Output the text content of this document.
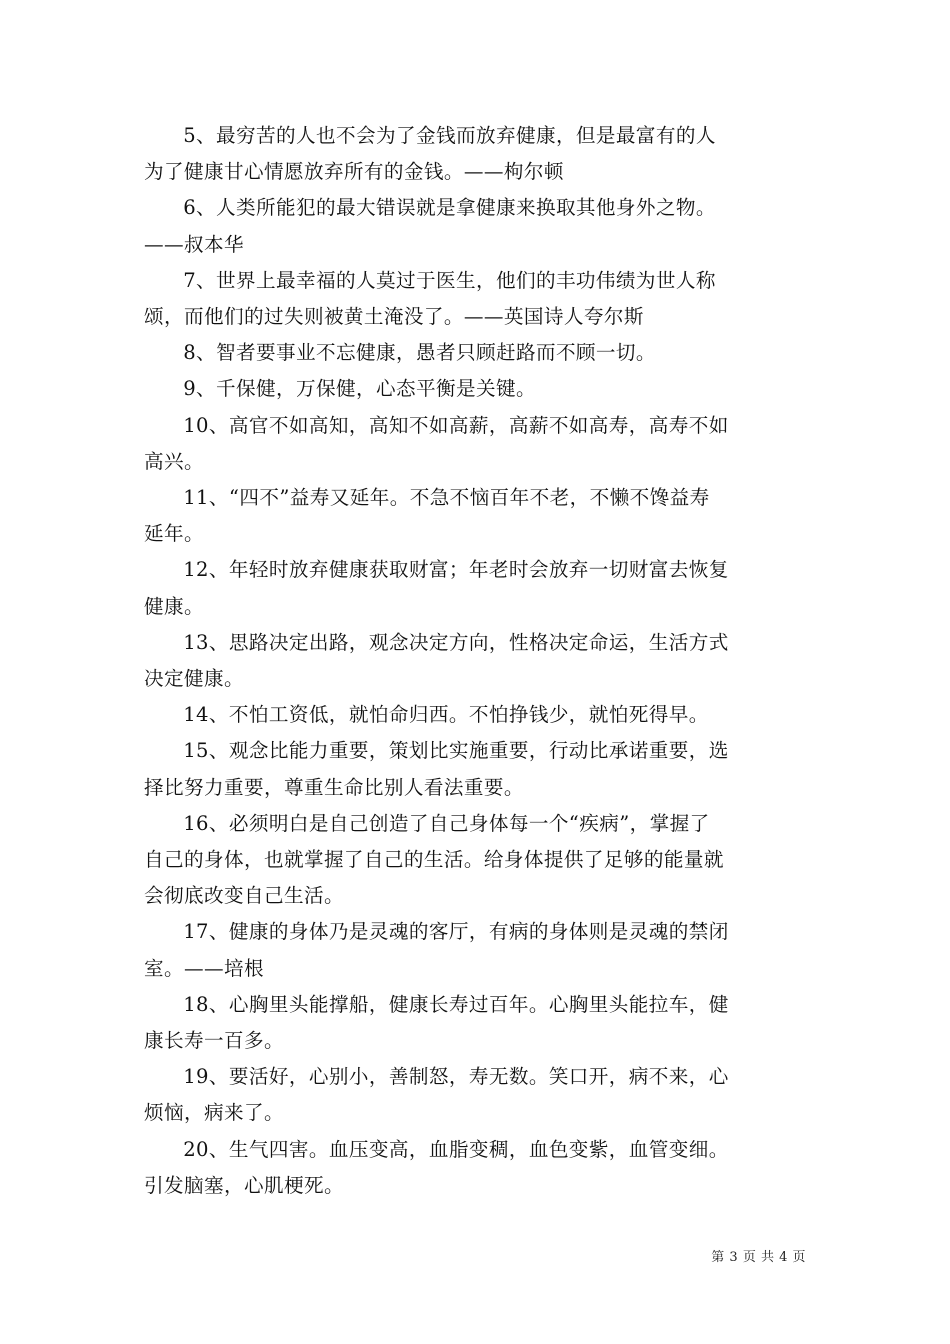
5、最穷苦的人也不会为了金钱而放弃健康，但是最富有的人
为了健康甘心情愿放弃所有的金钱。——枸尔顿
6、人类所能犯的最大错误就是拿健康来换取其他身外之物。
——叔本华
7、世界上最幸福的人莫过于医生，他们的丰功伟绩为世人称
颂，而他们的过失则被黄土淹没了。——英国诗人夸尔斯
8、智者要事业不忘健康，愚者只顾赶路而不顾一切。
9、千保健，万保健，心态平衡是关键。
10、高官不如高知，高知不如高薪，高薪不如高寿，高寿不如
高兴。
11、“四不”益寿又延年。不急不恼百年不老，不懒不馋益寿
延年。
12、年轻时放弃健康获取财富；年老时会放弃一切财富去恢复
健康。
13、思路决定出路，观念决定方向，性格决定命运，生活方式
决定健康。
14、不怕工资低，就怕命归西。不怕挣钱少，就怕死得早。
15、观念比能力重要，策划比实施重要，行动比承诺重要，选
择比努力重要，尊重生命比别人看法重要。
16、必须明白是自己创造了自己身体每一个“疾病”，掌握了
自己的身体，也就掌握了自己的生活。给身体提供了足够的能量就
会彻底改变自己生活。
17、健康的身体乃是灵魂的客厅，有病的身体则是灵魂的禁闭
室。——培根
18、心胸里头能撑船，健康长寿过百年。心胸里头能拉车，健
康长寿一百多。
19、要活好，心别小，善制怒，寿无数。笑口开，病不来，心
烦恼，病来了。
20、生气四害。血压变高，血脂变稠，血色变紫，血管变细。
引发脑塞，心肌梗死。
第 3 页 共 4 页
